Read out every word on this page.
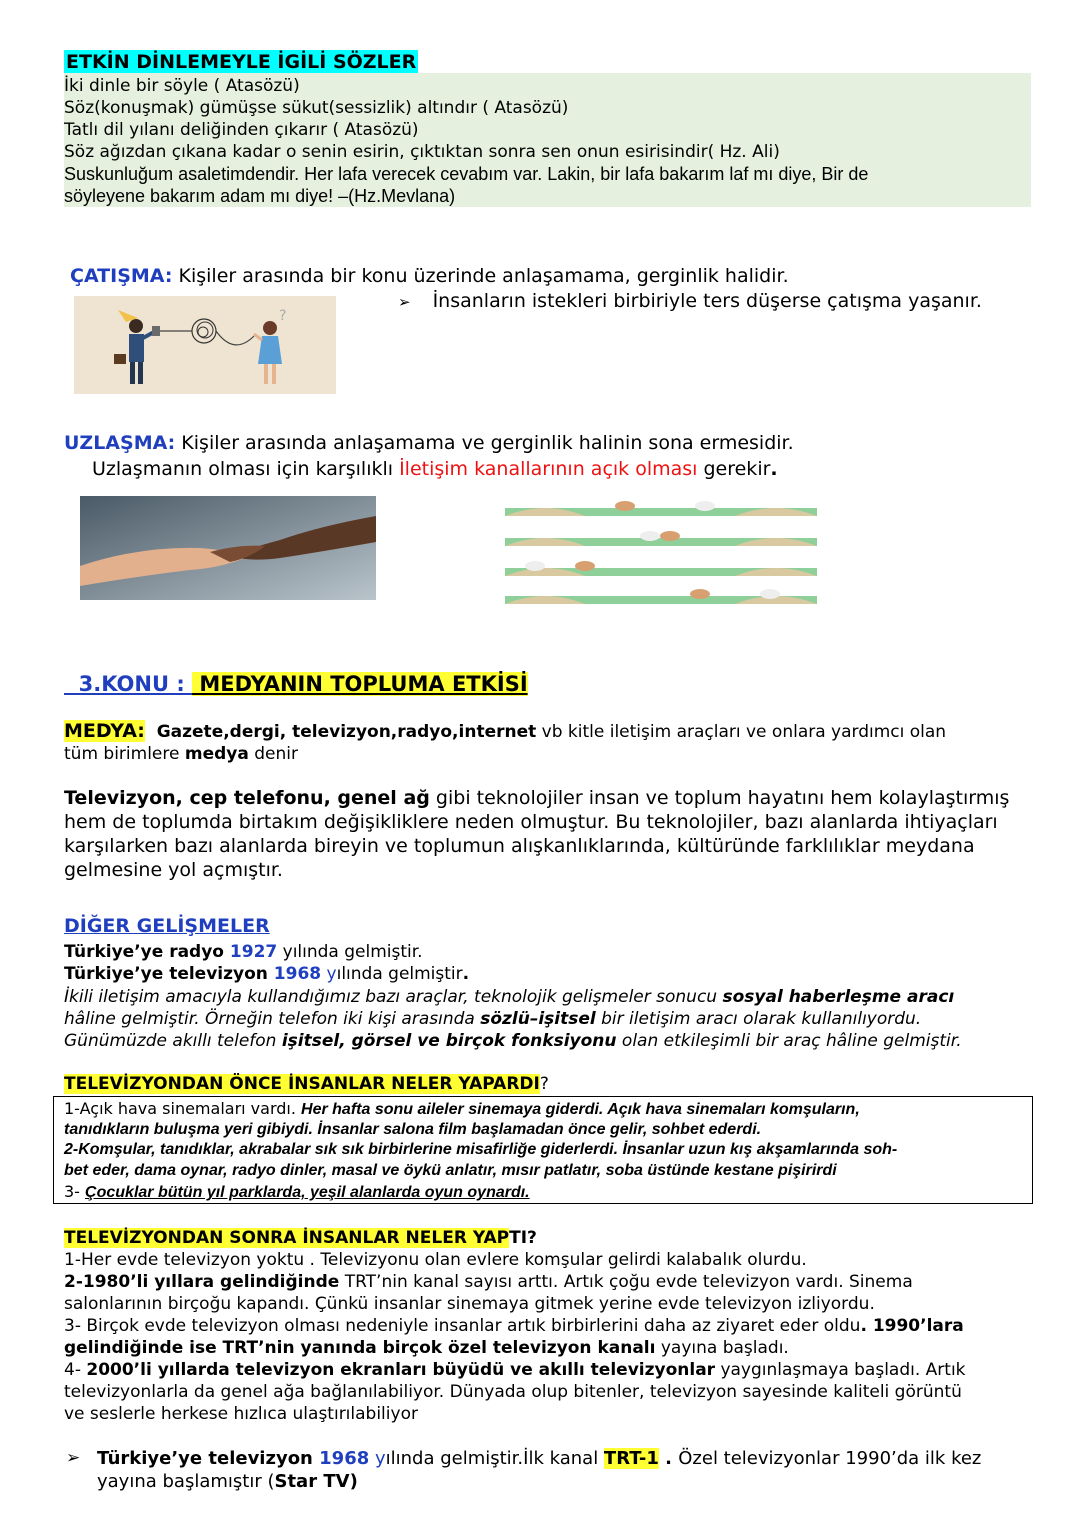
ETKİN DİNLEMEYLE İGİLİ SÖZLER
İki dinle bir söyle ( Atasözü)
Söz(konuşmak) gümüşse sükut(sessizlik) altındır ( Atasözü)
Tatlı dil yılanı deliğinden çıkarır ( Atasözü)
Söz ağızdan çıkana kadar o senin esirin, çıktıktan sonra sen onun esirisindir( Hz. Ali)
Suskunluğum asaletimdendir. Her lafa verecek cevabım var. Lakin, bir lafa bakarım laf mı diye, Bir de
söyleyene bakarım adam mı diye! –(Hz.Mevlana)
ÇATIŞMA: Kişiler arasında bir konu üzerinde anlaşamama, gerginlik halidir.
➢ İnsanların istekleri birbiriyle ters düşerse çatışma yaşanır.
?
UZLAŞMA: Kişiler arasında anlaşamama ve gerginlik halinin sona ermesidir.
Uzlaşmanın olması için karşılıklı İletişim kanallarının açık olması gerekir.
3.KONU :  MEDYANIN TOPLUMA ETKİSİ
MEDYA:  Gazete,dergi, televizyon,radyo,internet vb kitle iletişim araçları ve onlara yardımcı olan
tüm birimlere medya denir
Televizyon, cep telefonu, genel ağ gibi teknolojiler insan ve toplum hayatını hem kolaylaştırmış hem de toplumda birtakım değişikliklere neden olmuştur. Bu teknolojiler, bazı alanlarda ihtiyaçları karşılarken bazı alanlarda bireyin ve toplumun alışkanlıklarında, kültüründe farklılıklar meydana gelmesine yol açmıştır.
DİĞER GELİŞMELER
Türkiye’ye radyo 1927 yılında gelmiştir.
Türkiye’ye televizyon 1968 yılında gelmiştir.
İkili iletişim amacıyla kullandığımız bazı araçlar, teknolojik gelişmeler sonucu sosyal haberleşme aracı
hâline gelmiştir. Örneğin telefon iki kişi arasında sözlü–işitsel bir iletişim aracı olarak kullanılıyordu.
Günümüzde akıllı telefon işitsel, görsel ve birçok fonksiyonu olan etkileşimli bir araç hâline gelmiştir.
TELEVİZYONDAN ÖNCE İNSANLAR NELER YAPARDI?
1-Açık hava sinemaları vardı. Her hafta sonu aileler sinemaya giderdi. Açık hava sinemaları komşuların,
tanıdıkların buluşma yeri gibiydi. İnsanlar salona film başlamadan önce gelir, sohbet ederdi.
2-Komşular, tanıdıklar, akrabalar sık sık birbirlerine misafirliğe giderlerdi. İnsanlar uzun kış akşamlarında soh-
bet eder, dama oynar, radyo dinler, masal ve öykü anlatır, mısır patlatır, soba üstünde kestane pişirirdi
3- Çocuklar bütün yıl parklarda, yeşil alanlarda oyun oynardı.
TELEVİZYONDAN SONRA İNSANLAR NELER YAPTI?
1-Her evde televizyon yoktu . Televizyonu olan evlere komşular gelirdi kalabalık olurdu.
2-1980’li yıllara gelindiğinde TRT’nin kanal sayısı arttı. Artık çoğu evde televizyon vardı. Sinema
salonlarının birçoğu kapandı. Çünkü insanlar sinemaya gitmek yerine evde televizyon izliyordu.
3- Birçok evde televizyon olması nedeniyle insanlar artık birbirlerini daha az ziyaret eder oldu. 1990’lara
gelindiğinde ise TRT’nin yanında birçok özel televizyon kanalı yayına başladı.
4- 2000’li yıllarda televizyon ekranları büyüdü ve akıllı televizyonlar yaygınlaşmaya başladı. Artık
televizyonlarla da genel ağa bağlanılabiliyor. Dünyada olup bitenler, televizyon sayesinde kaliteli görüntü
ve seslerle herkese hızlıca ulaştırılabiliyor
➢ Türkiye’ye televizyon 1968 yılında gelmiştir.İlk kanal TRT-1 . Özel televizyonlar 1990’da ilk kez
yayına başlamıştır (Star TV)
